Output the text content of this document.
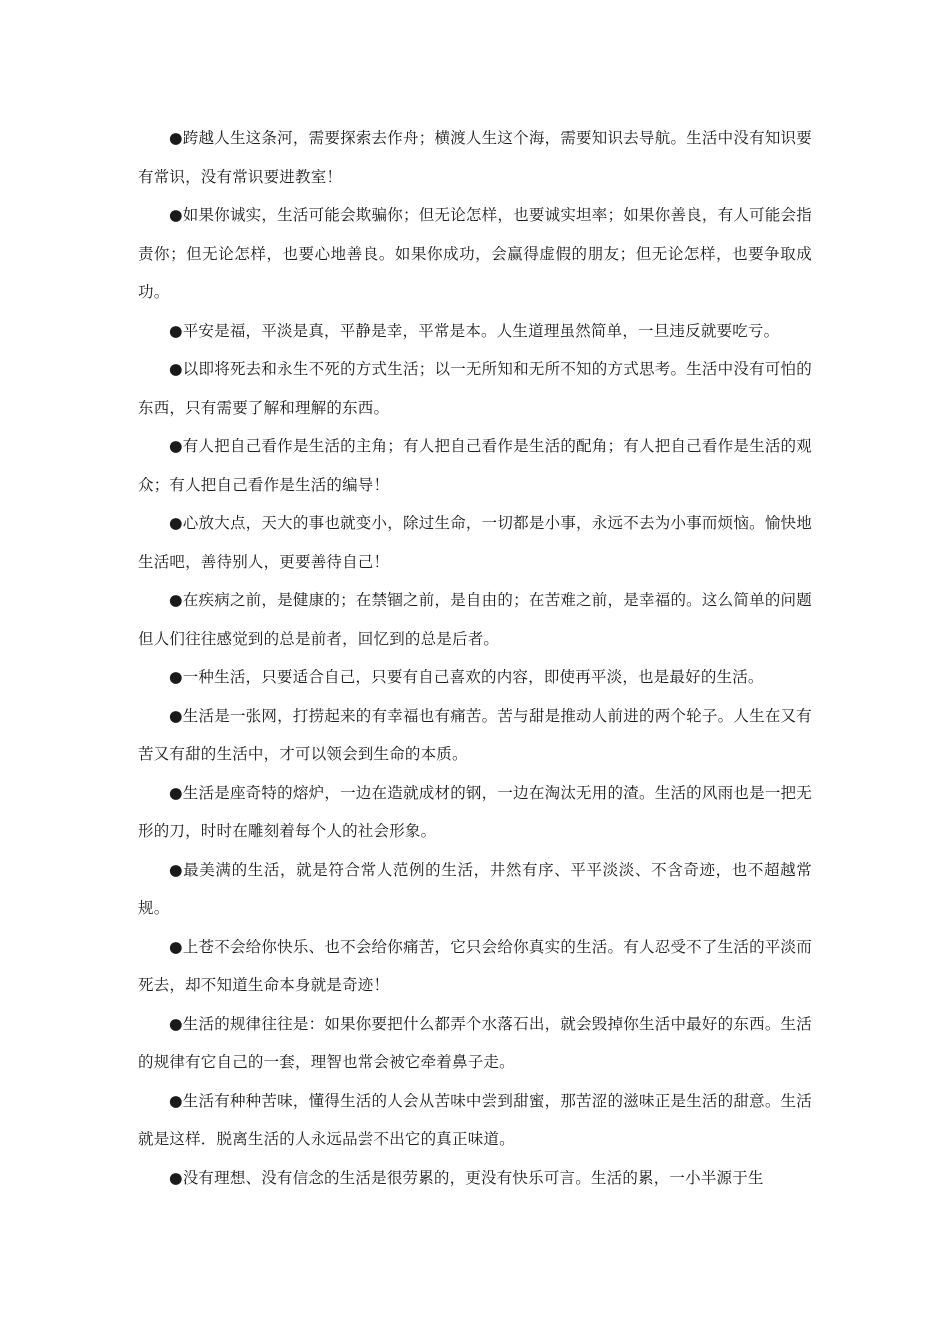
●跨越人生这条河，需要探索去作舟；横渡人生这个海，需要知识去导航。生活中没有知识要有常识，没有常识要进教室！

●如果你诚实，生活可能会欺骗你；但无论怎样，也要诚实坦率；如果你善良，有人可能会指责你；但无论怎样，也要心地善良。如果你成功，会赢得虚假的朋友；但无论怎样，也要争取成功。

●平安是福，平淡是真，平静是幸，平常是本。人生道理虽然简单，一旦违反就要吃亏。

●以即将死去和永生不死的方式生活；以一无所知和无所不知的方式思考。生活中没有可怕的东西，只有需要了解和理解的东西。

●有人把自己看作是生活的主角；有人把自己看作是生活的配角；有人把自己看作是生活的观众；有人把自己看作是生活的编导！

●心放大点，天大的事也就变小，除过生命，一切都是小事，永远不去为小事而烦恼。愉快地生活吧，善待别人，更要善待自己！

●在疾病之前，是健康的；在禁锢之前，是自由的；在苦难之前，是幸福的。这么简单的问题但人们往往感觉到的总是前者，回忆到的总是后者。

●一种生活，只要适合自己，只要有自己喜欢的内容，即使再平淡，也是最好的生活。

●生活是一张网，打捞起来的有幸福也有痛苦。苦与甜是推动人前进的两个轮子。人生在又有苦又有甜的生活中，才可以领会到生命的本质。

●生活是座奇特的熔炉，一边在造就成材的钢，一边在淘汰无用的渣。生活的风雨也是一把无形的刀，时时在雕刻着每个人的社会形象。

●最美满的生活，就是符合常人范例的生活，井然有序、平平淡淡、不含奇迹，也不超越常规。

●上苍不会给你快乐、也不会给你痛苦，它只会给你真实的生活。有人忍受不了生活的平淡而死去，却不知道生命本身就是奇迹！

●生活的规律往往是：如果你要把什么都弄个水落石出，就会毁掉你生活中最好的东西。生活的规律有它自己的一套，理智也常会被它牵着鼻子走。

●生活有种种苦味，懂得生活的人会从苦味中尝到甜蜜，那苦涩的滋味正是生活的甜意。生活就是这样．脱离生活的人永远品尝不出它的真正味道。

●没有理想、没有信念的生活是很劳累的，更没有快乐可言。生活的累，一小半源于生
